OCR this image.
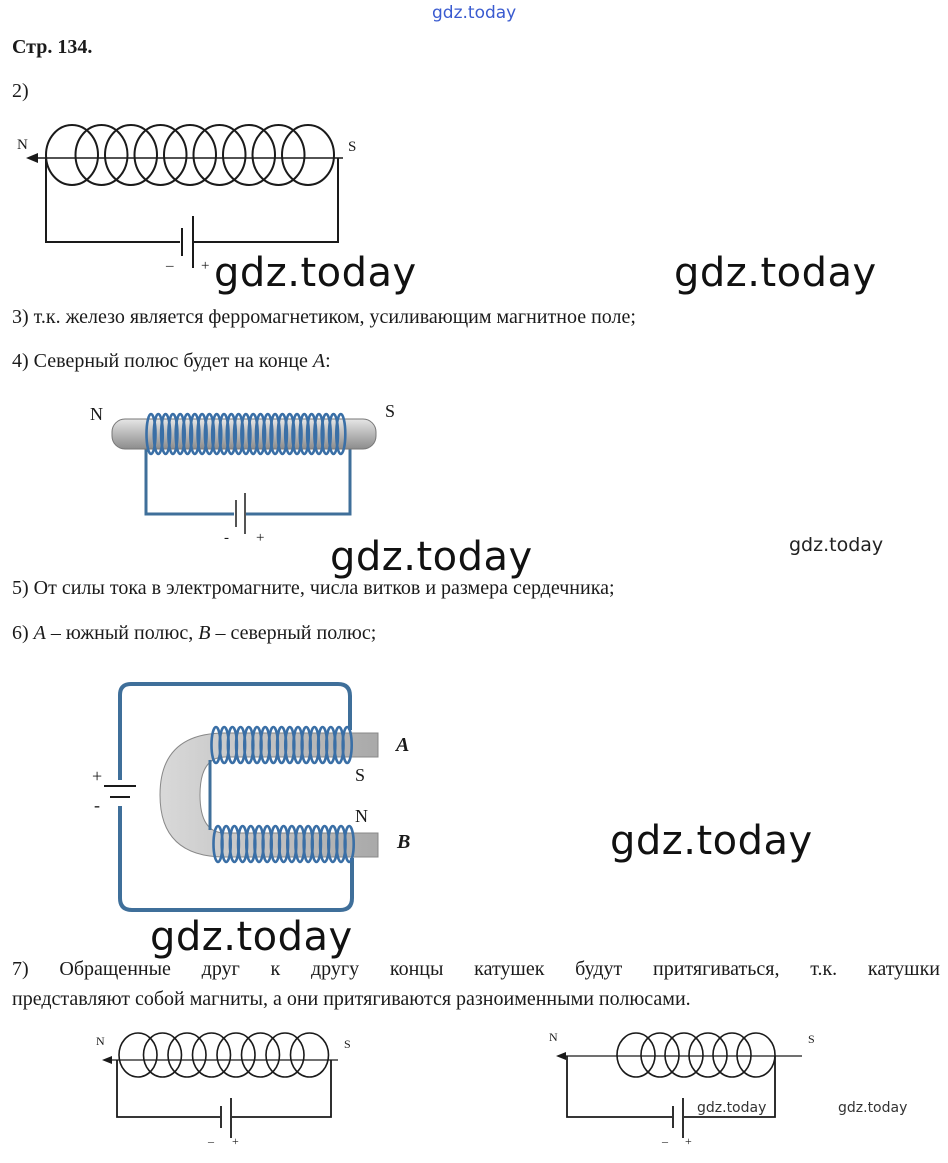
gdz.today
Стр. 134.
2)
N	S
– + gdz.today	gdz.today
3) т.к. железо является ферромагнетиком, усиливающим магнитное поле;
4) Северный полюс будет на конце A:
N	S
- + gdz.today	gdz.today
5) От силы тока в электромагните, числа витков и размера сердечника;
6) A – южный полюс, B – северный полюс;
A
S
N
B
+
-
gdz.today
gdz.today
7) Обращенные друг к другу концы катушек будут притягиваться, т.к. катушки
представляют собой магниты, а они притягиваются разноименными полюсами.
N	S
– +
N	S
– +
gdz.today	gdz.today
